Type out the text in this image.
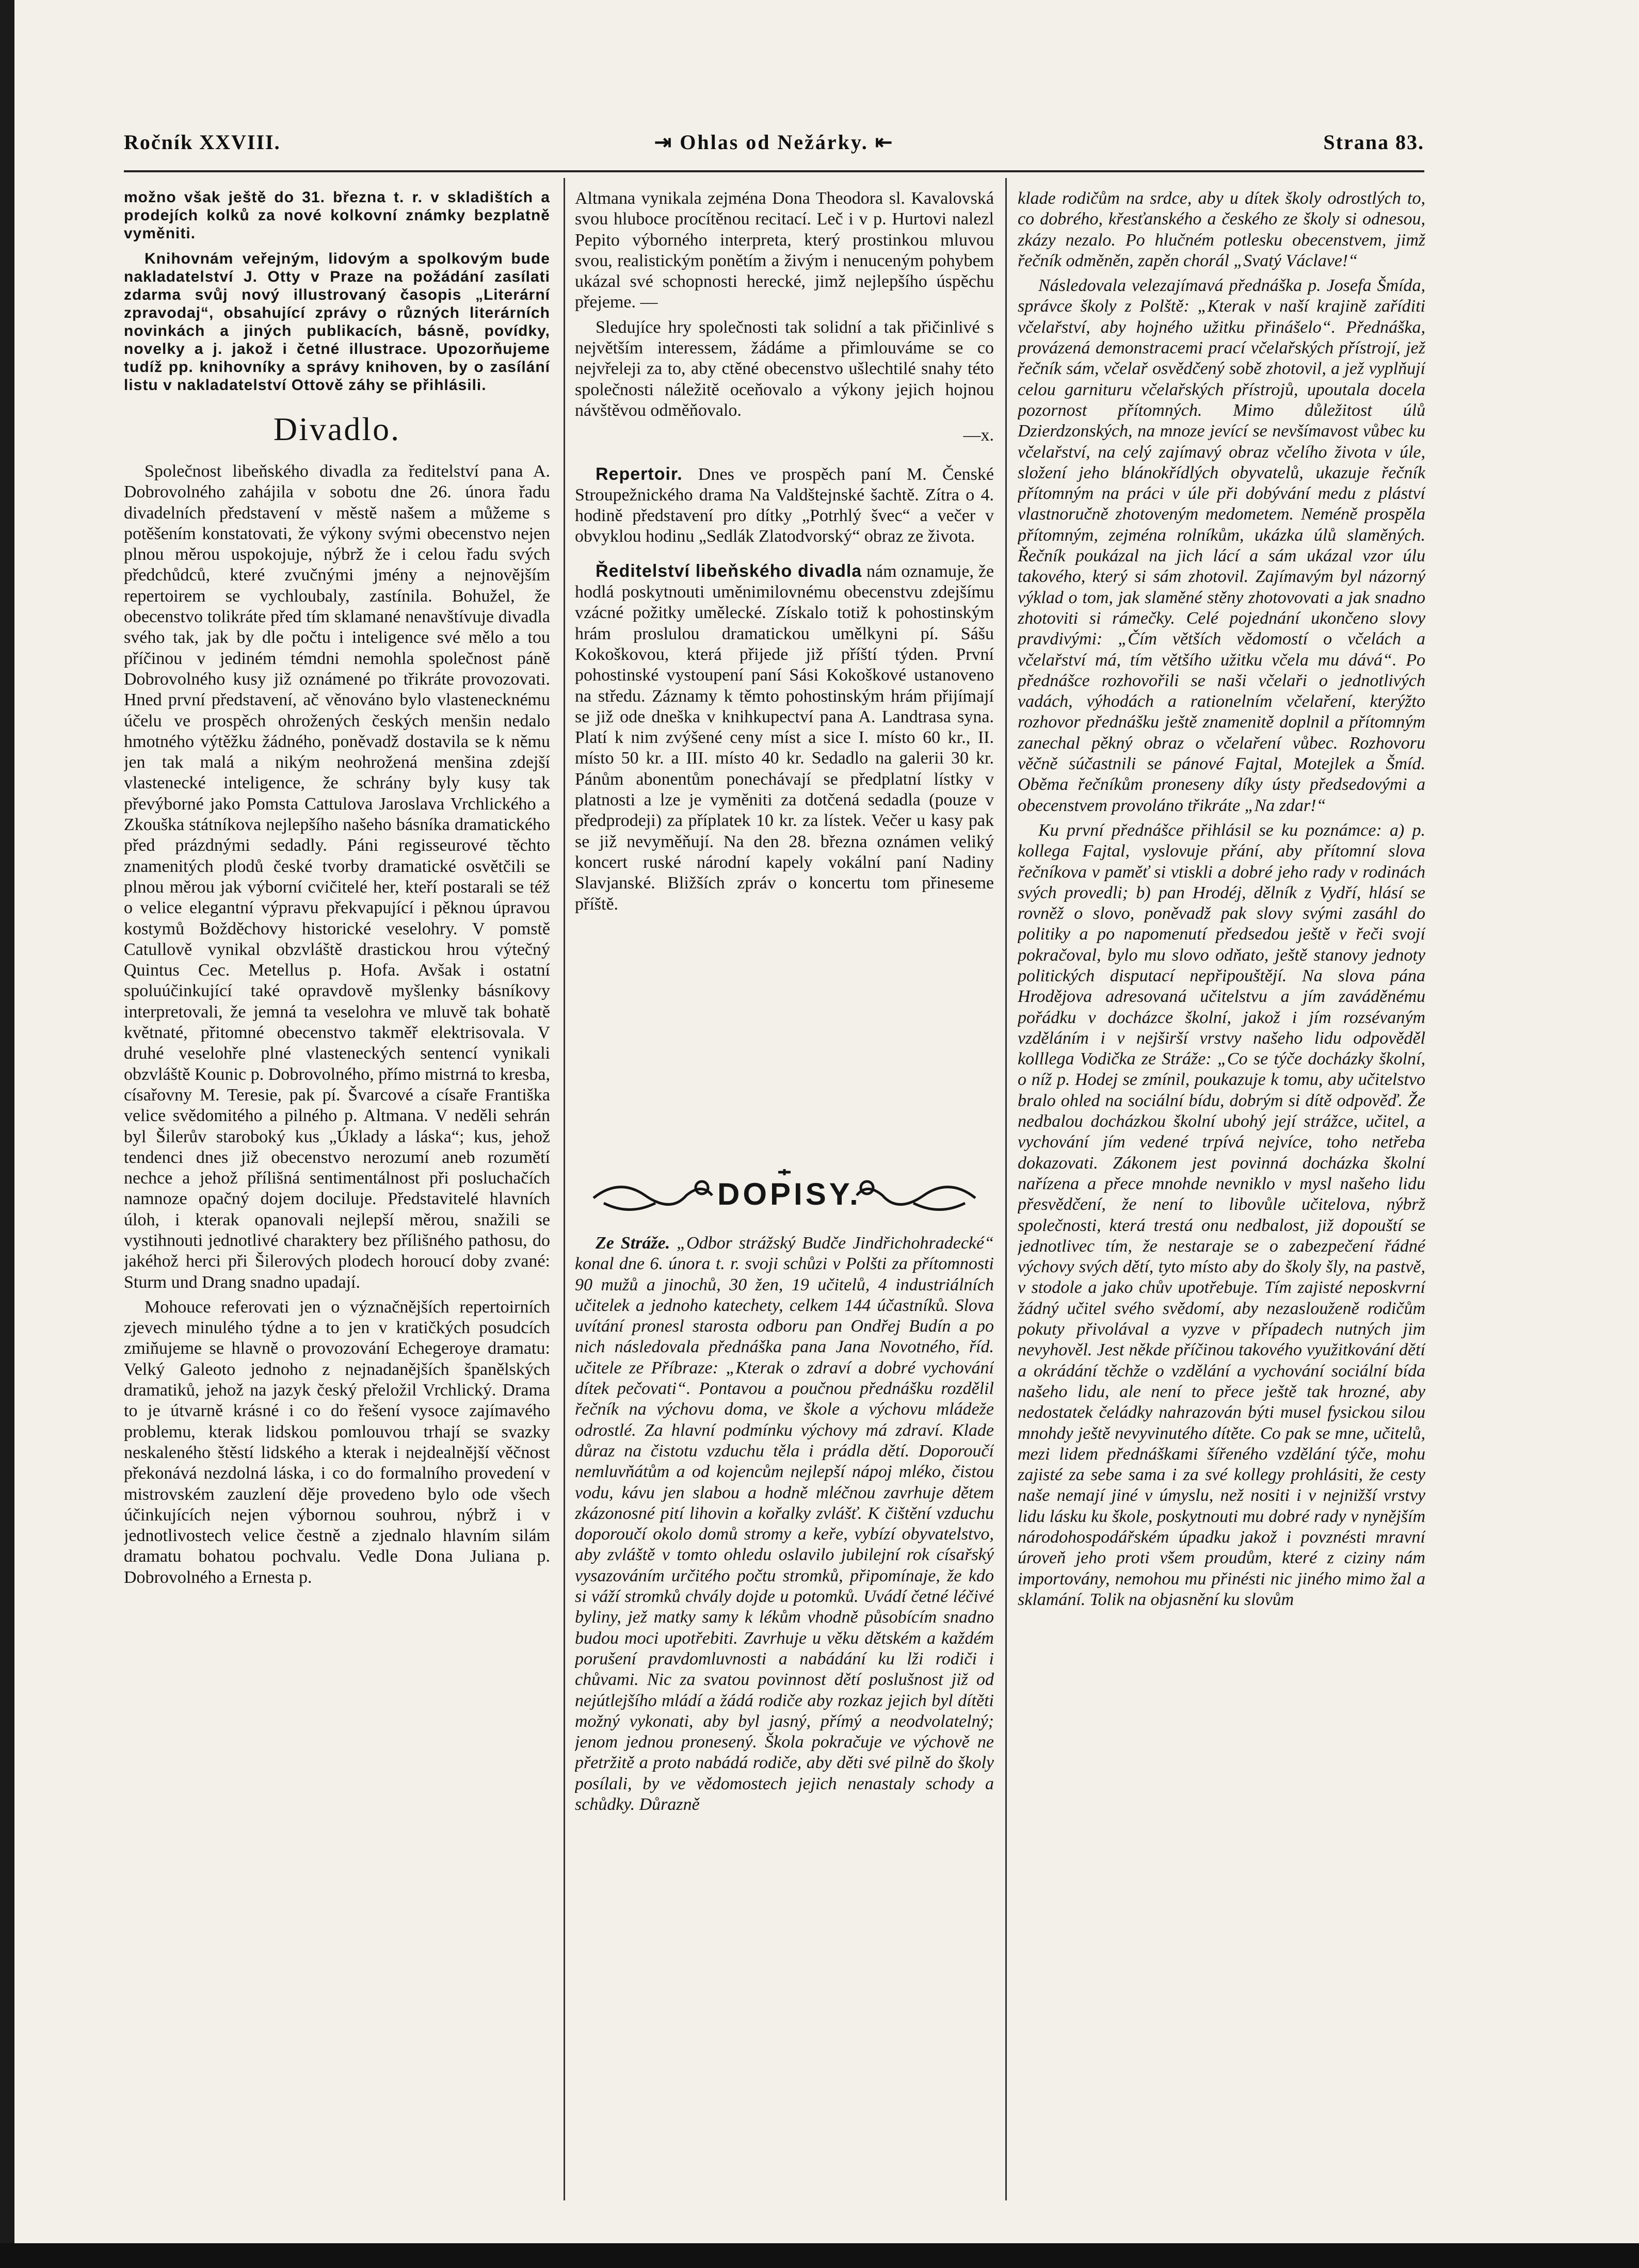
Ročník XXVIII.	⇥ Ohlas od Nežárky. ⇤	Strana 83.

možno však ještě do 31. března t. r. v skladištích a prodejích kolků za nové kolkovní známky bezplatně vyměniti.

Knihovnám veřejným, lidovým a spolkovým bude nakladatelství J. Otty v Praze na požádání zasílati zdarma svůj nový illustrovaný časopis „Literární zpravodaj“, obsahující zprávy o různých literárních novinkách a jiných publikacích, básně, povídky, novelky a j. jakož i četné illustrace. Upozorňujeme tudíž pp. knihovníky a správy knihoven, by o zasílání listu v nakladatelství Ottově záhy se přihlásili.

Divadlo.

Společnost libeňského divadla za ředitelství pana A. Dobrovolného zahájila v sobotu dne 26. února řadu divadelních představení v městě našem a můžeme s potěšením konstatovati, že výkony svými obecenstvo nejen plnou měrou uspokojuje, nýbrž že i celou řadu svých předchůdců, které zvučnými jmény a nejnovějším repertoirem se vychloubaly, zastínila. Bohužel, že obecenstvo tolikráte před tím sklamané nenavštívuje divadla svého tak, jak by dle počtu i inteligence své mělo a tou příčinou v jediném témdni nemohla společnost páně Dobrovolného kusy již oznámené po třikráte provozovati. Hned první představení, ač věnováno bylo vlastenecknému účelu ve prospěch ohrožených českých menšin nedalo hmotného výtěžku žádného, poněvadž dostavila se k němu jen tak malá a nikým neohrožená menšina zdejší vlastenecké inteligence, že schrány byly kusy tak převýborné jako Pomsta Cattulova Jaroslava Vrchlického a Zkouška státníkova nejlepšího našeho básníka dramatického před prázdnými sedadly. Páni regisseurové těchto znamenitých plodů české tvorby dramatické osvětčili se plnou měrou jak výborní cvičitelé her, kteří postarali se též o velice elegantní výpravu překvapující i pěknou úpravou kostymů Božděchovy historické veselohry. V pomstě Catullově vynikal obzvláště drastickou hrou výtečný Quintus Cec. Metellus p. Hofa. Avšak i ostatní spoluúčinkující také opravdově myšlenky básníkovy interpretovali, že jemná ta veselohra ve mluvě tak bohatě květnaté, přitomné obecenstvo takměř elektrisovala. V druhé veselohře plné vlasteneckých sentencí vynikali obzvláště Kounic p. Dobrovolného, přímo mistrná to kresba, císařovny M. Teresie, pak pí. Švarcové a císaře Františka velice svědomitého a pilného p. Altmana. V neděli sehrán byl Šilerův staroboký kus „Úklady a láska“; kus, jehož tendenci dnes již obecenstvo nerozumí aneb rozumětí nechce a jehož přílišná sentimentálnost při posluchačích namnoze opačný dojem dociluje. Představitelé hlavních úloh, i kterak opanovali nejlepší měrou, snažili se vystihnouti jednotlivé charaktery bez přílišného pathosu, do jakéhož herci při Šilerových plodech horoucí doby zvané: Sturm und Drang snadno upadají.

Mohouce referovati jen o význačnějších repertoirních zjevech minulého týdne a to jen v kratičkých posudcích zmiňujeme se hlavně o provozování Echegeroye dramatu: Velký Galeoto jednoho z nejnadanějších španělských dramatiků, jehož na jazyk český přeložil Vrchlický. Drama to je útvarně krásné i co do řešení vysoce zajímavého problemu, kterak lidskou pomlouvou trhají se svazky neskaleného štěstí lidského a kterak i nejdealnější věčnost překonává nezdolná láska, i co do formalního provedení v mistrovském zauzlení děje provedeno bylo ode všech účinkujících nejen výbornou souhrou, nýbrž i v jednotlivostech velice čestně a zjednalo hlavním silám dramatu bohatou pochvalu. Vedle Dona Juliana p. Dobrovolného a Ernesta p.

Altmana vynikala zejména Dona Theodora sl. Kavalovská svou hluboce procítěnou recitací. Leč i v p. Hurtovi nalezl Pepito výborného interpreta, který prostinkou mluvou svou, realistickým ponětím a živým i nenuceným pohybem ukázal své schopnosti herecké, jimž nejlepšího úspěchu přejeme. —

Sledujíce hry společnosti tak solidní a tak přičinlivé s největším interessem, žádáme a přimlouváme se co nejvřeleji za to, aby ctěné obecenstvo ušlechtilé snahy této společnosti náležitě oceňovalo a výkony jejich hojnou návštěvou odměňovalo.

—x.

Repertoir. Dnes ve prospěch paní M. Čenské Stroupežnického drama Na Valdštejnské šachtě. Zítra o 4. hodině představení pro dítky „Potrhlý švec“ a večer v obvyklou hodinu „Sedlák Zlatodvorský“ obraz ze života.

Ředitelství libeňského divadla nám oznamuje, že hodlá poskytnouti uměnimilovnému obecenstvu zdejšímu vzácné požitky umělecké. Získalo totiž k pohostinským hrám proslulou dramatickou umělkyni pí. Sášu Kokoškovou, která přijede již příští týden. První pohostinské vystoupení paní Sási Kokoškové ustanoveno na středu. Záznamy k těmto pohostinským hrám přijímají se již ode dneška v knihkupectví pana A. Landtrasa syna. Platí k nim zvýšené ceny míst a sice I. místo 60 kr., II. místo 50 kr. a III. místo 40 kr. Sedadlo na galerii 30 kr. Pánům abonentům ponechávají se předplatní lístky v platnosti a lze je vyměniti za dotčená sedadla (pouze v předprodeji) za příplatek 10 kr. za lístek. Večer u kasy pak se již nevyměňují. Na den 28. března oznámen veliký koncert ruské národní kapely vokální paní Nadiny Slavjanské. Bližších zpráv o koncertu tom přineseme příště.

DOPISY.

Ze Stráže. „Odbor strážský Budče Jindřichohradecké“ konal dne 6. února t. r. svoji schůzi v Polšti za přítomnosti 90 mužů a jinochů, 30 žen, 19 učitelů, 4 industriálních učitelek a jednoho katechety, celkem 144 účastníků. Slova uvítání pronesl starosta odboru pan Ondřej Budín a po nich následovala přednáška pana Jana Novotného, říd. učitele ze Příbraze: „Kterak o zdraví a dobré vychování dítek pečovati“. Pontavou a poučnou přednášku rozdělil řečník na výchovu doma, ve škole a výchovu mládeže odrostlé. Za hlavní podmínku výchovy má zdraví. Klade důraz na čistotu vzduchu těla i prádla dětí. Doporoučí nemluvňátům a od kojencům nejlepší nápoj mléko, čistou vodu, kávu jen slabou a hodně mléčnou zavrhuje dětem zkázonosné pití lihovin a kořalky zvlášť. K čištění vzduchu doporoučí okolo domů stromy a keře, vybízí obyvatelstvo, aby zvláště v tomto ohledu oslavilo jubilejní rok císařský vysazováním určitého počtu stromků, připomínaje, že kdo si váží stromků chvály dojde u potomků. Uvádí četné léčivé byliny, jež matky samy k lékům vhodně působícím snadno budou moci upotřebiti. Zavrhuje u věku dětském a každém porušení pravdomluvnosti a nabádání ku lži rodiči i chůvami. Nic za svatou povinnost dětí poslušnost již od nejútlejšího mládí a žádá rodiče aby rozkaz jejich byl dítěti možný vykonati, aby byl jasný, přímý a neodvolatelný; jenom jednou pronesený. Škola pokračuje ve výchově ne přetržitě a proto nabádá rodiče, aby děti své pilně do školy posílali, by ve vědomostech jejich nenastaly schody a schůdky. Důrazně

klade rodičům na srdce, aby u dítek školy odrostlých to, co dobrého, křesťanského a českého ze školy si odnesou, zkázy nezalo. Po hlučném potlesku obecenstvem, jimž řečník odměněn, zapěn chorál „Svatý Václave!“

Následovala velezajímavá přednáška p. Josefa Šmída, správce školy z Polště: „Kterak v naší krajině zaříditi včelařství, aby hojného užitku přinášelo“. Přednáška, provázená demonstracemi prací včelařských přístrojí, jež řečník sám, včelař osvědčený sobě zhotovil, a jež vyplňují celou garnituru včelařských přístrojů, upoutala docela pozornost přítomných. Mimo důležitost úlů Dzierdzonských, na mnoze jevící se nevšímavost vůbec ku včelařství, na celý zajímavý obraz včelího života v úle, složení jeho blánokřídlých obyvatelů, ukazuje řečník přítomným na práci v úle při dobývání medu z pláství vlastnoručně zhotoveným medometem. Neméně prospěla přítomným, zejména rolníkům, ukázka úlů slaměných. Řečník poukázal na jich lácí a sám ukázal vzor úlu takového, který si sám zhotovil. Zajímavým byl názorný výklad o tom, jak slaměné stěny zhotovovati a jak snadno zhotoviti si rámečky. Celé pojednání ukončeno slovy pravdivými: „Čím větších vědomostí o včelách a včelařství má, tím většího užitku včela mu dává“. Po přednášce rozhovořili se naši včelaři o jednotlivých vadách, výhodách a rationelním včelaření, kterýžto rozhovor přednášku ještě znamenitě doplnil a přítomným zanechal pěkný obraz o včelaření vůbec. Rozhovoru věčně súčastnili se pánové Fajtal, Motejlek a Šmíd. Oběma řečníkům proneseny díky ústy předsedovými a obecenstvem provoláno třikráte „Na zdar!“

Ku první přednášce přihlásil se ku poznámce: a) p. kollega Fajtal, vyslovuje přání, aby přítomní slova řečníkova v paměť si vtiskli a dobré jeho rady v rodinách svých provedli; b) pan Hrodéj, dělník z Vydří, hlásí se rovněž o slovo, poněvadž pak slovy svými zasáhl do politiky a po napomenutí předsedou ještě v řeči svojí pokračoval, bylo mu slovo odňato, ještě stanovy jednoty politických disputací nepřipouštějí. Na slova pána Hrodějova adresovaná učitelstvu a jím zaváděnému pořádku v docházce školní, jakož i jím rozsévaným vzděláním i v nejširší vrstvy našeho lidu odpověděl kolllega Vodička ze Stráže: „Co se týče docházky školní, o níž p. Hodej se zmínil, poukazuje k tomu, aby učitelstvo bralo ohled na sociální bídu, dobrým si dítě odpověď. Že nedbalou docházkou školní ubohý její strážce, učitel, a vychování jím vedené trpívá nejvíce, toho netřeba dokazovati. Zákonem jest povinná docházka školní nařízena a přece mnohde nevniklo v mysl našeho lidu přesvědčení, že není to libovůle učitelova, nýbrž společnosti, která trestá onu nedbalost, již dopouští se jednotlivec tím, že nestaraje se o zabezpečení řádné výchovy svých dětí, tyto místo aby do školy šly, na pastvě, v stodole a jako chův upotřebuje. Tím zajisté neposkvrní žádný učitel svého svědomí, aby nezaslouženě rodičům pokuty přivolával a vyzve v případech nutných jim nevyhověl. Jest někde příčinou takového využitkování dětí a okrádání těchže o vzdělání a vychování sociální bída našeho lidu, ale není to přece ještě tak hrozné, aby nedostatek čeládky nahrazován býti musel fysickou silou mnohdy ještě nevyvinutého dítěte. Co pak se mne, učitelů, mezi lidem přednáškami šířeného vzdělání týče, mohu zajisté za sebe sama i za své kollegy prohlásiti, že cesty naše nemají jiné v úmyslu, než nositi i v nejnižší vrstvy lidu lásku ku škole, poskytnouti mu dobré rady v nynějším národohospodářském úpadku jakož i povznésti mravní úroveň jeho proti všem proudům, které z ciziny nám importovány, nemohou mu přinésti nic jiného mimo žal a sklamání. Tolik na objasnění ku slovům
